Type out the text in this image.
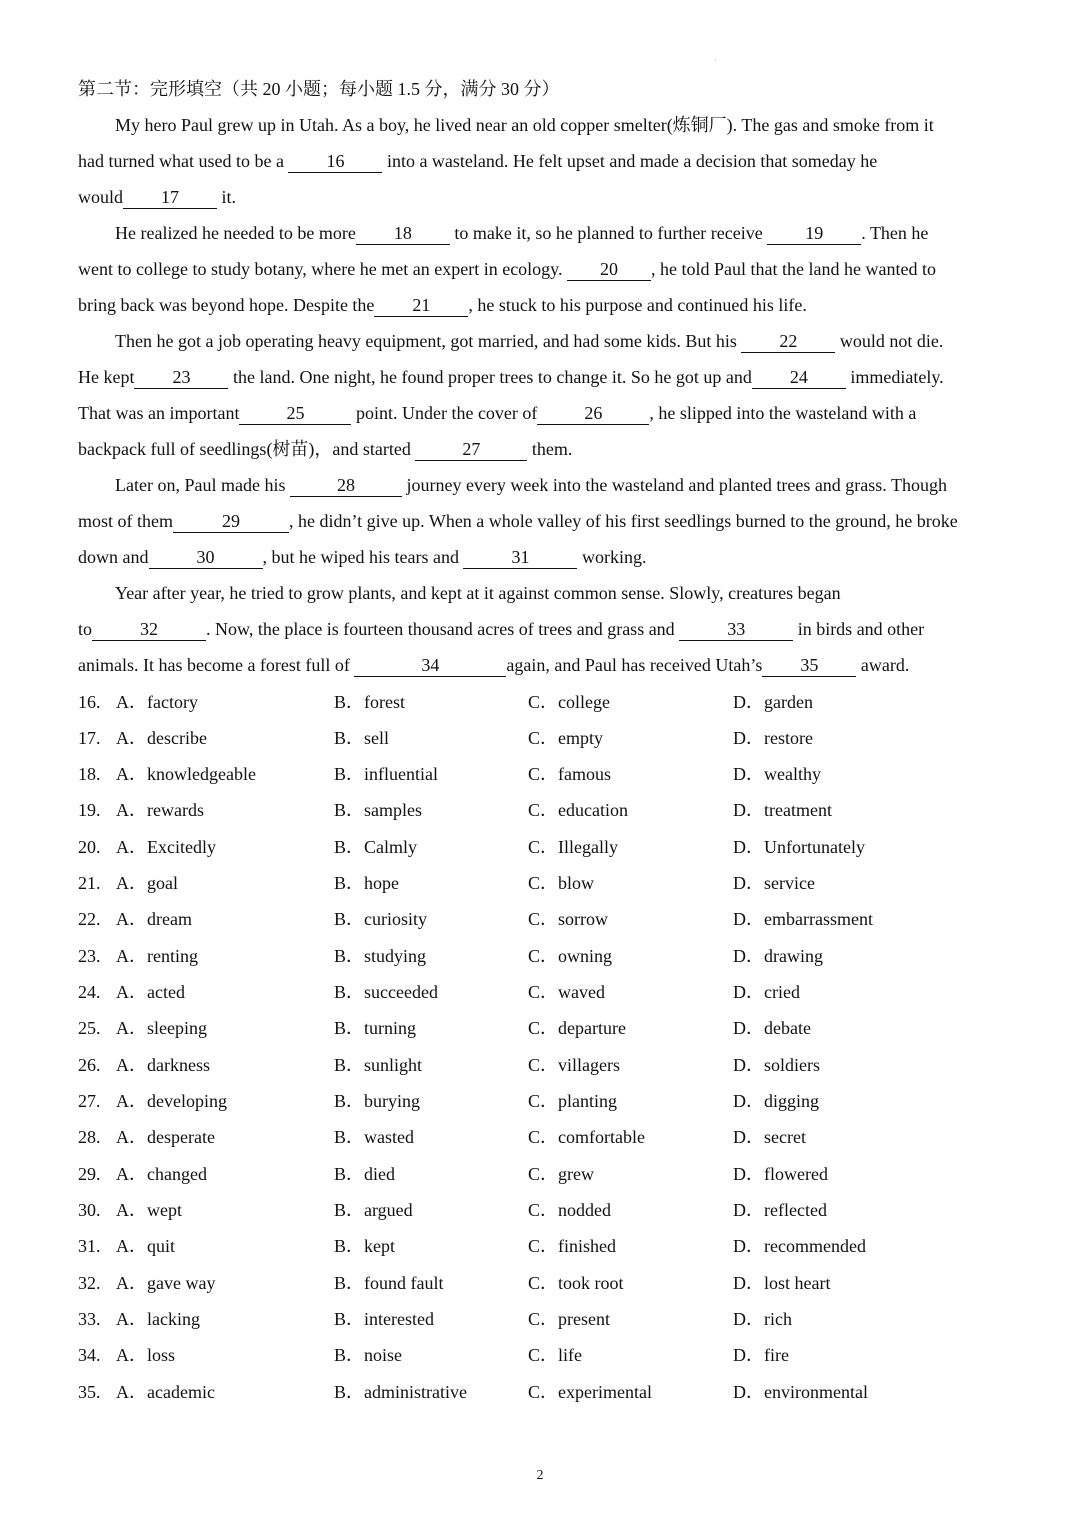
·
第二节：完形填空（共 20 小题；每小题 1.5 分，满分 30 分）
My hero Paul grew up in Utah. As a boy, he lived near an old copper smelter(炼铜厂). The gas and smoke from it
had turned what used to be a 16 into a wasteland. He felt upset and made a decision that someday he
would 17 it.
He realized he needed to be more 18 to make it, so he planned to further receive 19 . Then he
went to college to study botany, where he met an expert in ecology. 20 , he told Paul that the land he wanted to
bring back was beyond hope. Despite the 21 , he stuck to his purpose and continued his life.
Then he got a job operating heavy equipment, got married, and had some kids. But his 22 would not die.
He kept 23 the land. One night, he found proper trees to change it. So he got up and 24 immediately.
That was an important	25	point. Under the cover of	26	, he slipped into the wasteland with a
backpack full of seedlings(树苗)，and started	27	them.
Later on, Paul made his	28	journey every week into the wasteland and planted trees and grass. Though
most of them	29	, he didn’t give up. When a whole valley of his first seedlings burned to the ground, he broke
down and	30	, but he wiped his tears and	31	working.
Year after year, he tried to grow plants, and kept at it against common sense. Slowly, creatures began
to	32	. Now, the place is fourteen thousand acres of trees and grass and	33	in birds and other
animals. It has become a forest full of	34	again, and Paul has received Utah’s 35 award.
16. A．factory	B．forest	C．college	D．garden
17. A．describe	B．sell	C．empty	D．restore
18. A．knowledgeable	B．influential	C．famous	D．wealthy
19. A．rewards	B．samples	C．education	D．treatment
20. A．Excitedly	B．Calmly	C．Illegally	D．Unfortunately
21. A．goal	B．hope	C．blow	D．service
22. A．dream	B．curiosity	C．sorrow	D．embarrassment
23. A．renting	B．studying	C．owning	D．drawing
24. A．acted	B．succeeded	C．waved	D．cried
25. A．sleeping	B．turning	C．departure	D．debate
26. A．darkness	B．sunlight	C．villagers	D．soldiers
27. A．developing	B．burying	C．planting	D．digging
28. A．desperate	B．wasted	C．comfortable	D．secret
29. A．changed	B．died	C．grew	D．flowered
30. A．wept	B．argued	C．nodded	D．reflected
31. A．quit	B．kept	C．finished	D．recommended
32. A．gave way	B．found fault	C．took root	D．lost heart
33. A．lacking	B．interested	C．present	D．rich
34. A．loss	B．noise	C．life	D．fire
35. A．academic	B．administrative	C．experimental	D．environmental
2
